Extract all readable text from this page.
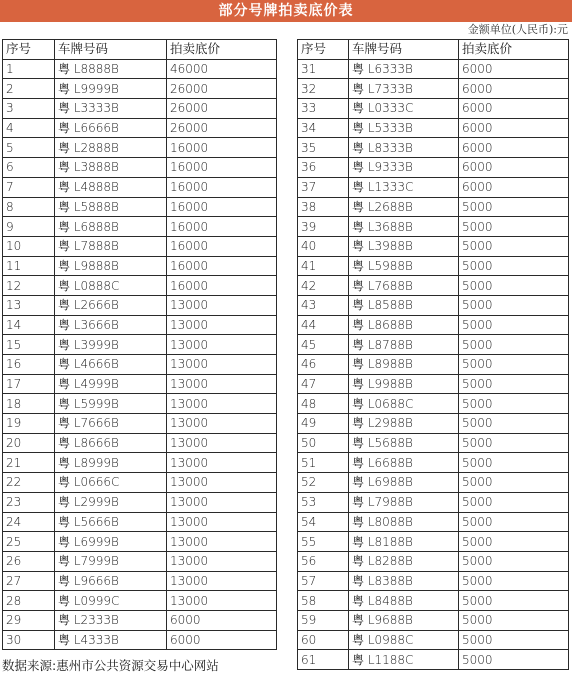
部分号牌拍卖底价表
金额单位(人民币):元
序号	车牌号码	拍卖底价
1	粤 L8888B	46000
2	粤 L9999B	26000
3	粤 L3333B	26000
4	粤 L6666B	26000
5	粤 L2888B	16000
6	粤 L3888B	16000
7	粤 L4888B	16000
8	粤 L5888B	16000
9	粤 L6888B	16000
10	粤 L7888B	16000
11	粤 L9888B	16000
12	粤 L0888C	16000
13	粤 L2666B	13000
14	粤 L3666B	13000
15	粤 L3999B	13000
16	粤 L4666B	13000
17	粤 L4999B	13000
18	粤 L5999B	13000
19	粤 L7666B	13000
20	粤 L8666B	13000
21	粤 L8999B	13000
22	粤 L0666C	13000
23	粤 L2999B	13000
24	粤 L5666B	13000
25	粤 L6999B	13000
26	粤 L7999B	13000
27	粤 L9666B	13000
28	粤 L0999C	13000
29	粤 L2333B	6000
30	粤 L4333B	6000
序号	车牌号码	拍卖底价
31	粤 L6333B	6000
32	粤 L7333B	6000
33	粤 L0333C	6000
34	粤 L5333B	6000
35	粤 L8333B	6000
36	粤 L9333B	6000
37	粤 L1333C	6000
38	粤 L2688B	5000
39	粤 L3688B	5000
40	粤 L3988B	5000
41	粤 L5988B	5000
42	粤 L7688B	5000
43	粤 L8588B	5000
44	粤 L8688B	5000
45	粤 L8788B	5000
46	粤 L8988B	5000
47	粤 L9988B	5000
48	粤 L0688C	5000
49	粤 L2988B	5000
50	粤 L5688B	5000
51	粤 L6688B	5000
52	粤 L6988B	5000
53	粤 L7988B	5000
54	粤 L8088B	5000
55	粤 L8188B	5000
56	粤 L8288B	5000
57	粤 L8388B	5000
58	粤 L8488B	5000
59	粤 L9688B	5000
60	粤 L0988C	5000
61	粤 L1188C	5000
数据来源:惠州市公共资源交易中心网站
